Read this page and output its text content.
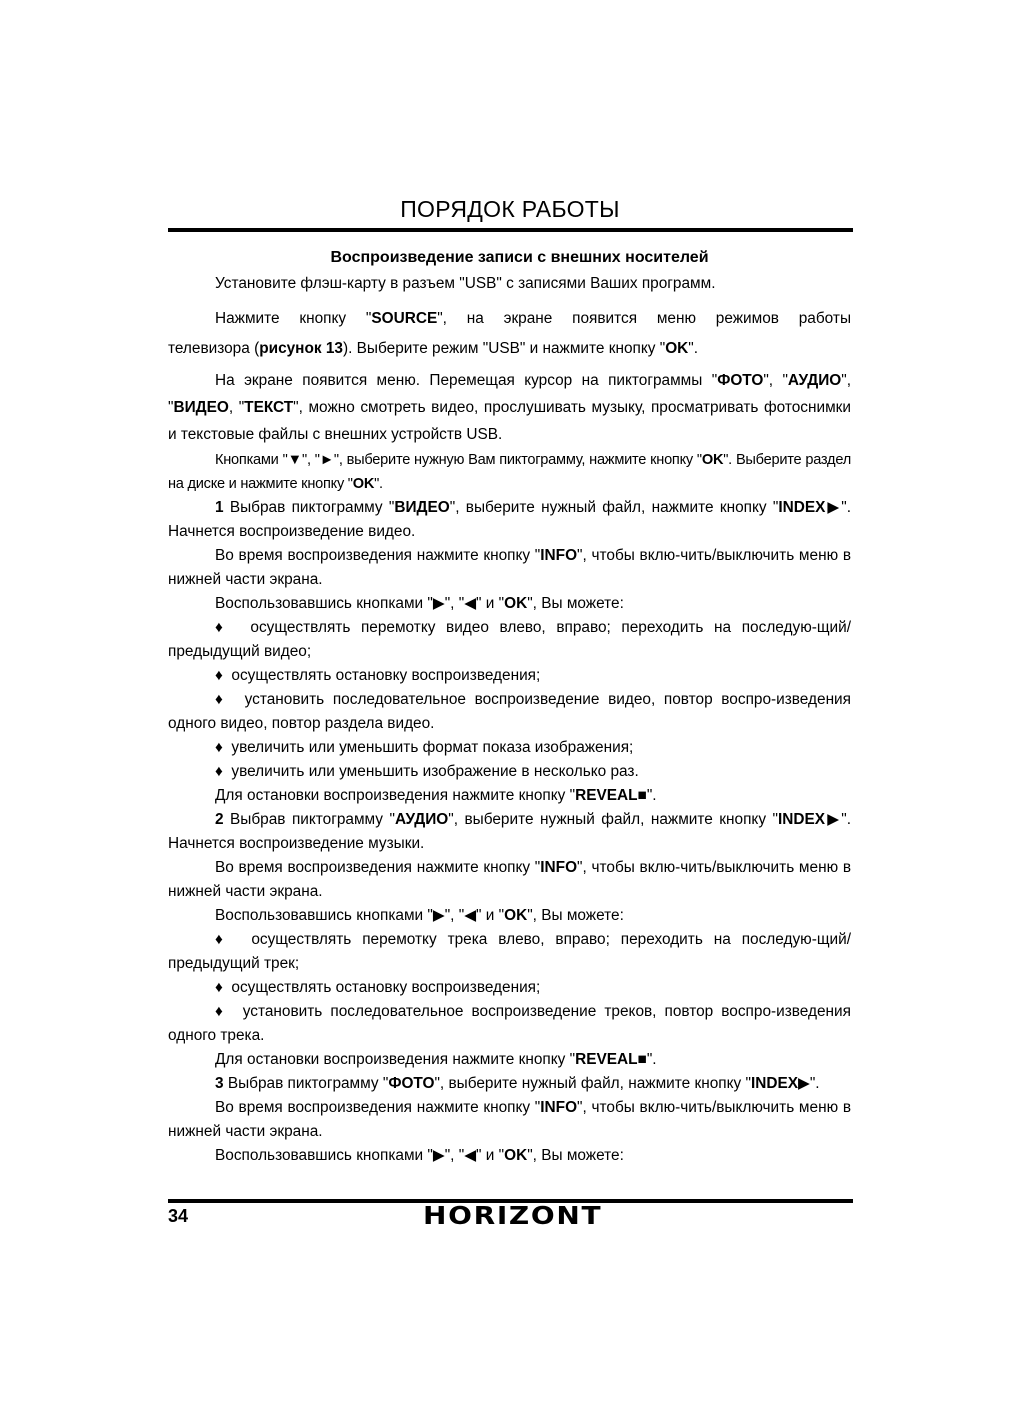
ПОРЯДОК РАБОТЫ
Воспроизведение записи с внешних носителей
Установите флэш-карту в разъем "USB" с записями Ваших программ.
Нажмите кнопку "SOURCE", на экране появится меню режимов работы
телевизора (рисунок 13). Выберите режим "USB" и нажмите кнопку "OK".
На экране появится меню. Перемещая курсор на пиктограммы "ФОТО", "АУДИО", "ВИДЕО, "ТЕКСТ", можно смотреть видео, прослушивать музыку, просматривать фотоснимки и текстовые файлы с внешних устройств USB.
Кнопками "▼", "►", выберите нужную Вам пиктограмму, нажмите кнопку "OK". Выберите раздел на диске и нажмите кнопку "OK".
1 Выбрав пиктограмму "ВИДЕО", выберите нужный файл, нажмите кнопку "INDEX▶". Начнется воспроизведение видео.
Во время воспроизведения нажмите кнопку "INFO", чтобы вклю-чить/выключить меню в нижней части экрана.
Воспользовавшись кнопками "▶", "◀" и "OK", Вы можете:
♦ осуществлять перемотку видео влево, вправо; переходить на последую-щий/предыдущий видео;
♦ осуществлять остановку воспроизведения;
♦ установить последовательное воспроизведение видео, повтор воспро-изведения одного видео, повтор раздела видео.
♦ увеличить или уменьшить формат показа изображения;
♦ увеличить или уменьшить изображение в несколько раз.
Для остановки воспроизведения нажмите кнопку "REVEAL■".
2 Выбрав пиктограмму "АУДИО", выберите нужный файл, нажмите кнопку "INDEX▶". Начнется воспроизведение музыки.
Во время воспроизведения нажмите кнопку "INFO", чтобы вклю-чить/выключить меню в нижней части экрана.
Воспользовавшись кнопками "▶", "◀" и "OK", Вы можете:
♦ осуществлять перемотку трека влево, вправо; переходить на последую-щий/ предыдущий трек;
♦ осуществлять остановку воспроизведения;
♦ установить последовательное воспроизведение треков, повтор воспро-изведения одного трека.
Для остановки воспроизведения нажмите кнопку "REVEAL■".
3 Выбрав пиктограмму "ФОТО", выберите нужный файл, нажмите кнопку "INDEX▶".
Во время воспроизведения нажмите кнопку "INFO", чтобы вклю-чить/выключить меню в нижней части экрана.
Воспользовавшись кнопками "▶", "◀" и "OK", Вы можете:
34	HORIZONT
